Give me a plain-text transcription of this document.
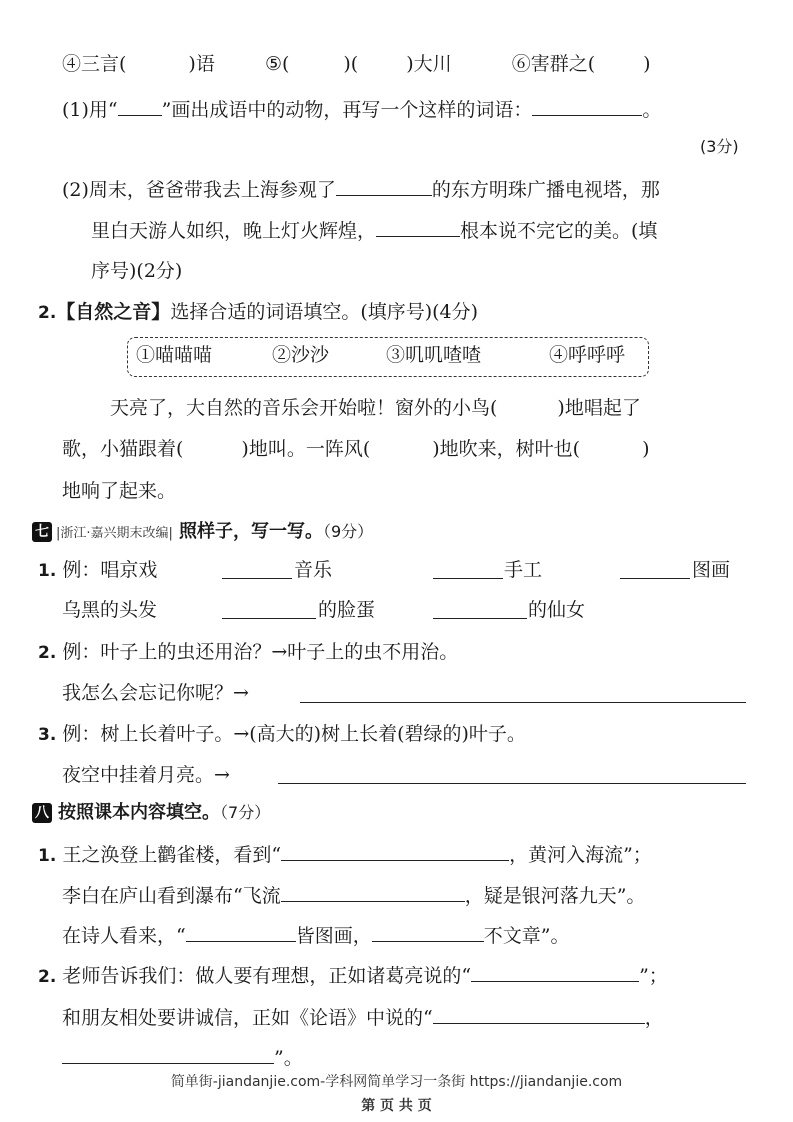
④三言(	)语	⑤(	)(	)大川	⑥害群之(	)
(1)用“ ”画出成语中的动物，再写一个这样的词语：	。
(3分)
(2)周末，爸爸带我去上海参观了	的东方明珠广播电视塔，那
里白天游人如织，晚上灯火辉煌，	根本说不完它的美。(填
序号)(2分)
2.【自然之音】选择合适的词语填空。(填序号)(4分)
①喵喵喵	②沙沙	③叽叽喳喳	④呼呼呼
天亮了，大自然的音乐会开始啦！窗外的小鸟(	)地唱起了
歌，小猫跟着(	)地叫。一阵风(	)地吹来，树叶也(	)
地响了起来。
七 |浙江·嘉兴期末改编| 照样子，写一写。（9分）
1. 例：唱京戏	音乐	手工	图画
乌黑的头发	的脸蛋	的仙女
2. 例：叶子上的虫还用治？→叶子上的虫不用治。
我怎么会忘记你呢？→
3. 例：树上长着叶子。→(高大的)树上长着(碧绿的)叶子。
夜空中挂着月亮。→
八 按照课本内容填空。（7分）
1. 王之涣登上鹳雀楼，看到“	，黄河入海流”；
李白在庐山看到瀑布“飞流	，疑是银河落九天”。
在诗人看来，“	皆图画，	不文章”。
2. 老师告诉我们：做人要有理想，正如诸葛亮说的“	”；
和朋友相处要讲诚信，正如《论语》中说的“	，
”。
简单街-jiandanjie.com-学科网简单学习一条街 https://jiandanjie.com
第 页 共 页
